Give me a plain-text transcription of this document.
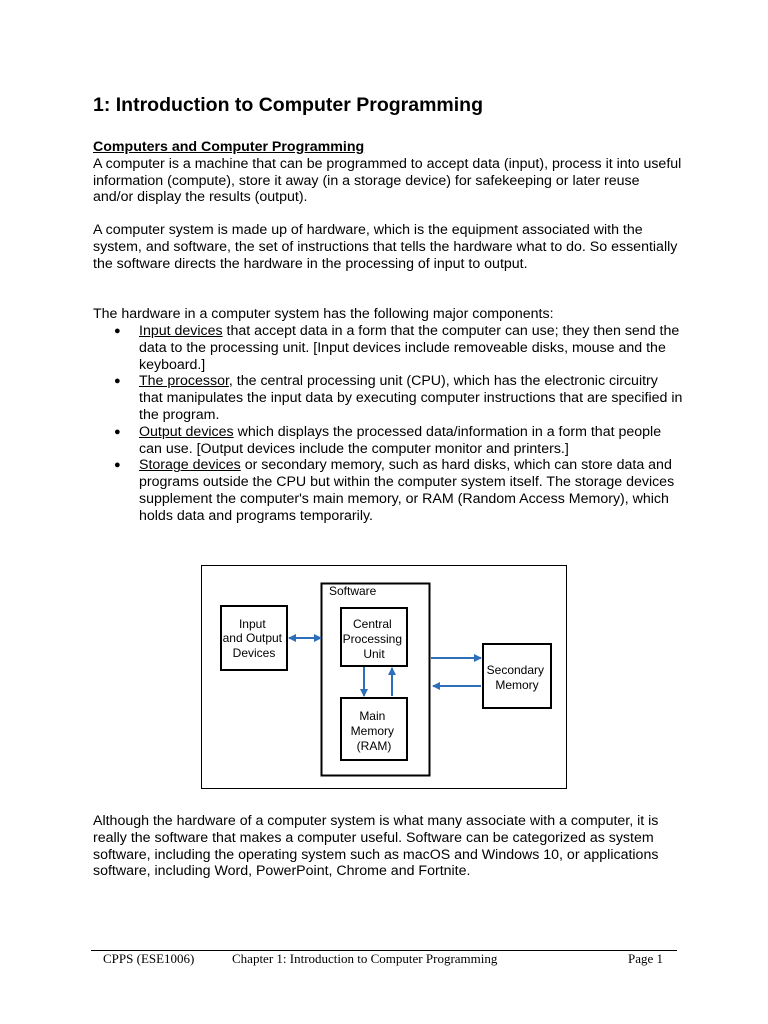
1: Introduction to Computer Programming
Computers and Computer Programming
A computer is a machine that can be programmed to accept data (input), process it into useful information (compute), store it away (in a storage device) for safekeeping or later reuse and/or display the results (output).

A computer system is made up of hardware, which is the equipment associated with the system, and software, the set of instructions that tells the hardware what to do. So essentially the software directs the hardware in the processing of input to output.

The hardware in a computer system has the following major components:

● Input devices that accept data in a form that the computer can use; they then send the data to the processing unit. [Input devices include removeable disks, mouse and the keyboard.]
● The processor, the central processing unit (CPU), which has the electronic circuitry that manipulates the input data by executing computer instructions that are specified in the program.
● Output devices which displays the processed data/information in a form that people can use. [Output devices include the computer monitor and printers.]
● Storage devices or secondary memory, such as hard disks, which can store data and programs outside the CPU but within the computer system itself. The storage devices supplement the computer's main memory, or RAM (Random Access Memory), which holds data and programs temporarily.
Software
Input and Output Devices
Central Processing Unit
Main Memory (RAM)
Secondary Memory

Although the hardware of a computer system is what many associate with a computer, it is really the software that makes a computer useful. Software can be categorized as system software, including the operating system such as macOS and Windows 10, or applications software, including Word, PowerPoint, Chrome and Fortnite.

CPPS (ESE1006)	Chapter 1: Introduction to Computer Programming	Page 1
